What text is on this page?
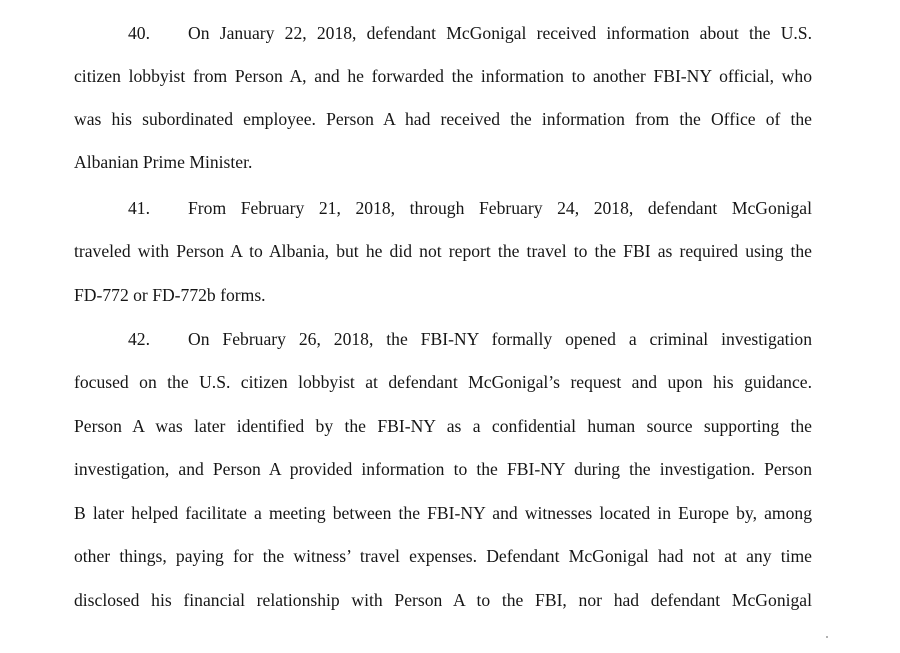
40. On January 22, 2018, defendant McGonigal received information about the U.S.
citizen lobbyist from Person A, and he forwarded the information to another FBI-NY official, who
was his subordinated employee. Person A had received the information from the Office of the
Albanian Prime Minister.
41. From February 21, 2018, through February 24, 2018, defendant McGonigal
traveled with Person A to Albania, but he did not report the travel to the FBI as required using the
FD-772 or FD-772b forms.
42. On February 26, 2018, the FBI-NY formally opened a criminal investigation
focused on the U.S. citizen lobbyist at defendant McGonigal’s request and upon his guidance.
Person A was later identified by the FBI-NY as a confidential human source supporting the
investigation, and Person A provided information to the FBI-NY during the investigation. Person
B later helped facilitate a meeting between the FBI-NY and witnesses located in Europe by, among
other things, paying for the witness’ travel expenses. Defendant McGonigal had not at any time
disclosed his financial relationship with Person A to the FBI, nor had defendant McGonigal
